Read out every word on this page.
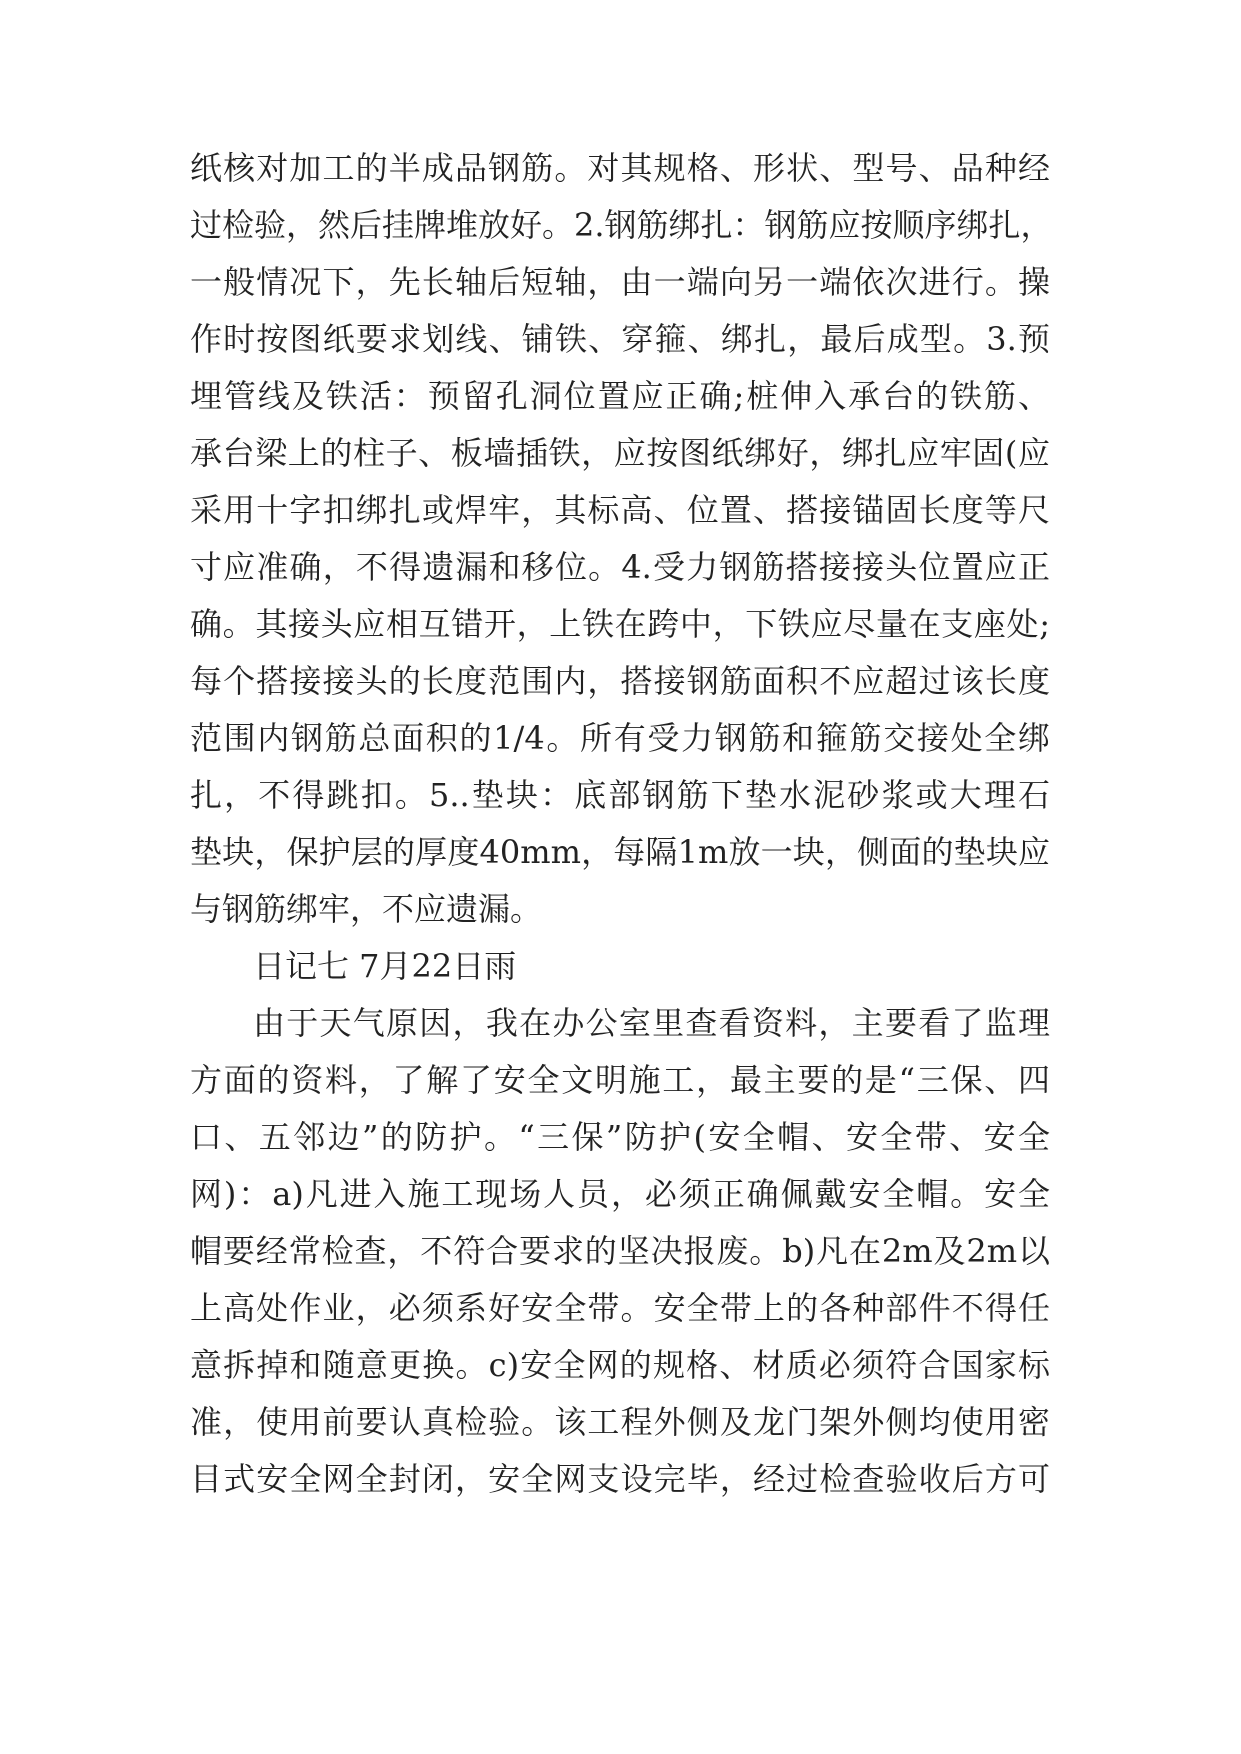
纸核对加工的半成品钢筋。对其规格、形状、型号、品种经
过检验，然后挂牌堆放好。2.钢筋绑扎：钢筋应按顺序绑扎，
一般情况下，先长轴后短轴，由一端向另一端依次进行。操
作时按图纸要求划线、铺铁、穿箍、绑扎，最后成型。3.预
埋管线及铁活：预留孔洞位置应正确;桩伸入承台的铁筋、
承台梁上的柱子、板墙插铁，应按图纸绑好，绑扎应牢固(应
采用十字扣绑扎或焊牢，其标高、位置、搭接锚固长度等尺
寸应准确，不得遗漏和移位。4.受力钢筋搭接接头位置应正
确。其接头应相互错开，上铁在跨中，下铁应尽量在支座处;
每个搭接接头的长度范围内，搭接钢筋面积不应超过该长度
范围内钢筋总面积的1/4。所有受力钢筋和箍筋交接处全绑
扎，不得跳扣。5..垫块：底部钢筋下垫水泥砂浆或大理石
垫块，保护层的厚度40mm，每隔1m放一块，侧面的垫块应
与钢筋绑牢，不应遗漏。
日记七 7月22日雨
由于天气原因，我在办公室里查看资料，主要看了监理
方面的资料，了解了安全文明施工，最主要的是“三保、四
口、五邻边”的防护。“三保”防护(安全帽、安全带、安全
网)：a)凡进入施工现场人员，必须正确佩戴安全帽。安全
帽要经常检查，不符合要求的坚决报废。b)凡在2m及2m以
上高处作业，必须系好安全带。安全带上的各种部件不得任
意拆掉和随意更换。c)安全网的规格、材质必须符合国家标
准，使用前要认真检验。该工程外侧及龙门架外侧均使用密
目式安全网全封闭，安全网支设完毕，经过检查验收后方可
